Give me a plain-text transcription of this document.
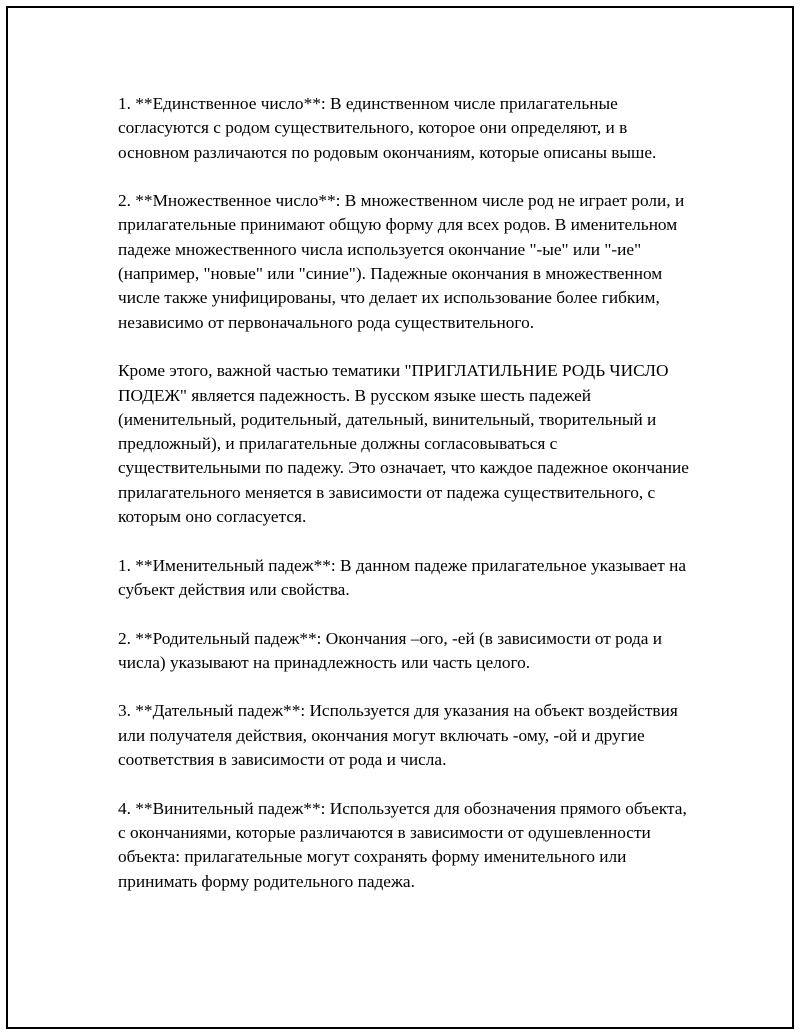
1. **Единственное число**: В единственном числе прилагательные согласуются с родом существительного, которое они определяют, и в основном различаются по родовым окончаниям, которые описаны выше.

2. **Множественное число**: В множественном числе род не играет роли, и прилагательные принимают общую форму для всех родов. В именительном падеже множественного числа используется окончание "-ые" или "-ие" (например, "новые" или "синие"). Падежные окончания в множественном числе также унифицированы, что делает их использование более гибким, независимо от первоначального рода существительного.

Кроме этого, важной частью тематики "ПРИГЛАТИЛЬНИЕ РОДЬ ЧИСЛО ПОДЕЖ" является падежность. В русском языке шесть падежей (именительный, родительный, дательный, винительный, творительный и предложный), и прилагательные должны согласовываться с существительными по падежу. Это означает, что каждое падежное окончание прилагательного меняется в зависимости от падежа существительного, с которым оно согласуется.

1. **Именительный падеж**: В данном падеже прилагательное указывает на субъект действия или свойства.

2. **Родительный падеж**: Окончания –ого, -ей (в зависимости от рода и числа) указывают на принадлежность или часть целого.

3. **Дательный падеж**: Используется для указания на объект воздействия или получателя действия, окончания могут включать -ому, -ой и другие соответствия в зависимости от рода и числа.

4. **Винительный падеж**: Используется для обозначения прямого объекта, с окончаниями, которые различаются в зависимости от одушевленности объекта: прилагательные могут сохранять форму именительного или принимать форму родительного падежа.
